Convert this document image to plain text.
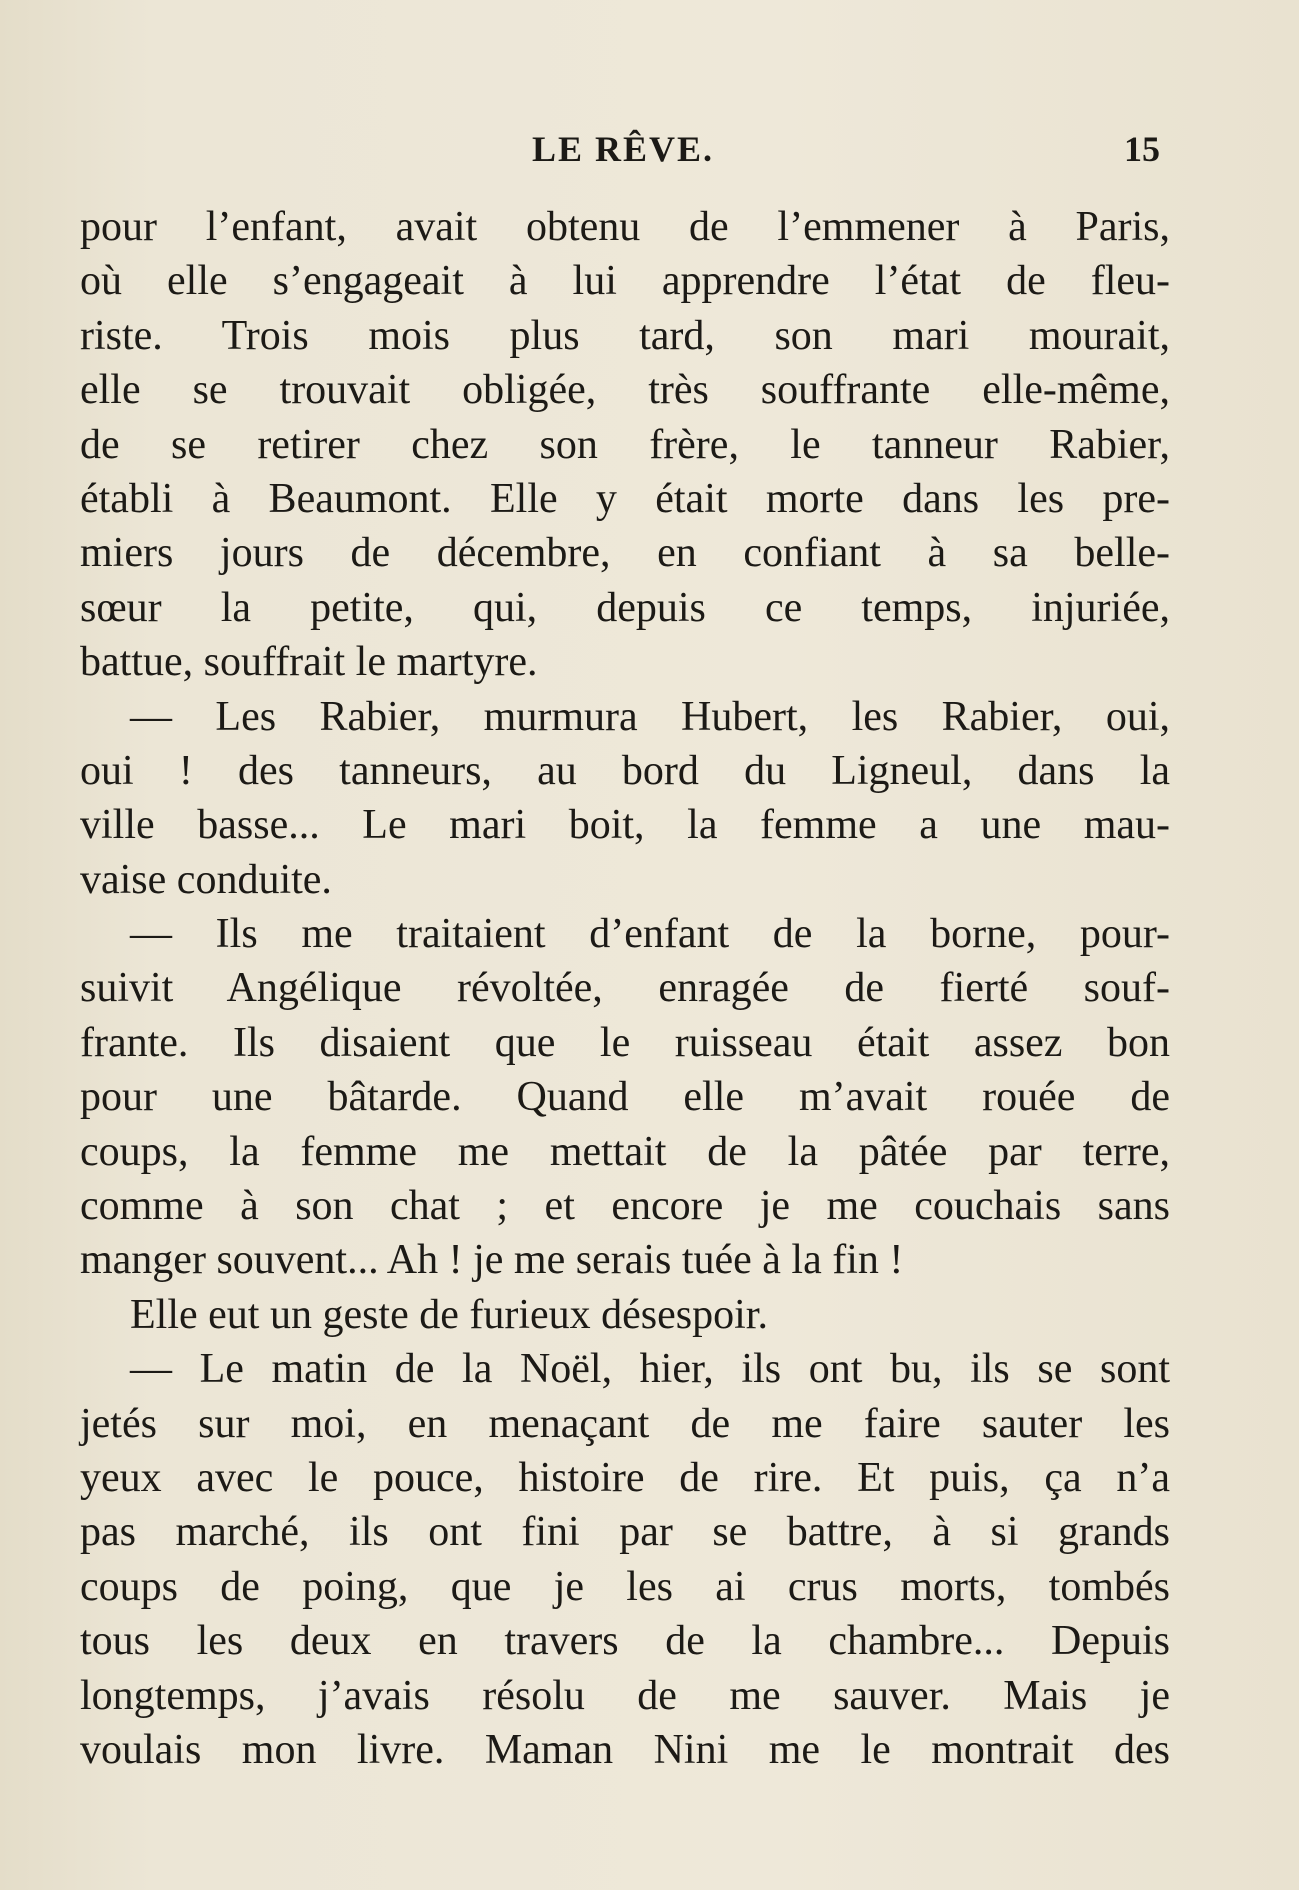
LE RÊVE.	15
pour l’enfant, avait obtenu de l’emmener à Paris,
où elle s’engageait à lui apprendre l’état de fleu-
riste. Trois mois plus tard, son mari mourait,
elle se trouvait obligée, très souffrante elle-même,
de se retirer chez son frère, le tanneur Rabier,
établi à Beaumont. Elle y était morte dans les pre-
miers jours de décembre, en confiant à sa belle-
sœur la petite, qui, depuis ce temps, injuriée,
battue, souffrait le martyre.
— Les Rabier, murmura Hubert, les Rabier, oui,
oui ! des tanneurs, au bord du Ligneul, dans la
ville basse... Le mari boit, la femme a une mau-
vaise conduite.
— Ils me traitaient d’enfant de la borne, pour-
suivit Angélique révoltée, enragée de fierté souf-
frante. Ils disaient que le ruisseau était assez bon
pour une bâtarde. Quand elle m’avait rouée de
coups, la femme me mettait de la pâtée par terre,
comme à son chat ; et encore je me couchais sans
manger souvent... Ah ! je me serais tuée à la fin !
Elle eut un geste de furieux désespoir.
— Le matin de la Noël, hier, ils ont bu, ils se sont
jetés sur moi, en menaçant de me faire sauter les
yeux avec le pouce, histoire de rire. Et puis, ça n’a
pas marché, ils ont fini par se battre, à si grands
coups de poing, que je les ai crus morts, tombés
tous les deux en travers de la chambre... Depuis
longtemps, j’avais résolu de me sauver. Mais je
voulais mon livre. Maman Nini me le montrait des
